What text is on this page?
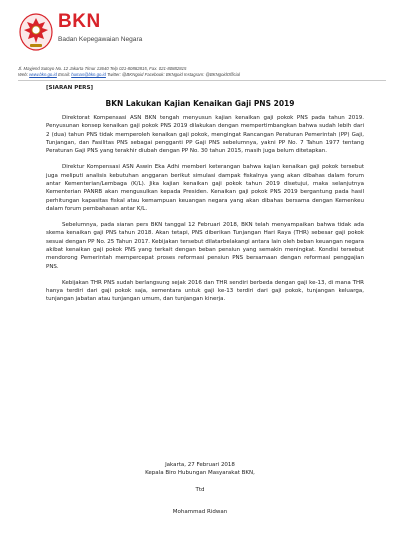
BKN
Badan Kepegawaian Negara
Jl. Mayjend Sutoyo No. 12 Jakarta Timur 13640 Telp 021-80882815, Fax. 021-80882815
Web: www.bkn.go.id Email: humas@bkn.go.id Twitter: @BKNgoid Facebook: BKNgoid Instagram: @BKNgoidOfficial
[SIARAN PERS]
BKN Lakukan Kajian Kenaikan Gaji PNS 2019

Direktorat Kompensasi ASN BKN tengah menyusun kajian kenaikan gaji pokok PNS pada tahun 2019. Penyusunan konsep kenaikan gaji pokok PNS 2019 dilakukan dengan mempertimbangkan bahwa sudah lebih dari 2 (dua) tahun PNS tidak memperoleh kenaikan gaji pokok, mengingat Rancangan Peraturan Pemerintah (PP) Gaji, Tunjangan, dan Fasilitas PNS sebagai pengganti PP Gaji PNS sebelumnya, yakni PP No. 7 Tahun 1977 tentang Peraturan Gaji PNS yang terakhir diubah dengan PP No. 30 tahun 2015, masih juga belum ditetapkan.

Direktur Kompensasi ASN Aswin Eka Adhi memberi keterangan bahwa kajian kenaikan gaji pokok tersebut juga meliputi analisis kebutuhan anggaran berikut simulasi dampak fiskalnya yang akan dibahas dalam forum antar Kementerian/Lembaga (K/L). Jika kajian kenaikan gaji pokok tahun 2019 disetujui, maka selanjutnya Kementerian PANRB akan mengusulkan kepada Presiden. Kenaikan gaji pokok PNS 2019 bergantung pada hasil perhitungan kapasitas fiskal atau kemampuan keuangan negara yang akan dibahas bersama dengan Kemenkeu dalam forum pembahasan antar K/L.

Sebelumnya, pada siaran pers BKN tanggal 12 Februari 2018, BKN telah menyampaikan bahwa tidak ada skema kenaikan gaji PNS tahun 2018. Akan tetapi, PNS diberikan Tunjangan Hari Raya (THR) sebesar gaji pokok sesuai dengan PP No. 25 Tahun 2017. Kebijakan tersebut dilatarbelakangi antara lain oleh beban keuangan negara akibat kenaikan gaji pokok PNS yang terkait dengan beban pensiun yang semakin meningkat. Kondisi tersebut mendorong Pemerintah mempercepat proses reformasi pensiun PNS bersamaan dengan reformasi penggajian PNS.

Kebijakan THR PNS sudah berlangsung sejak 2016 dan THR sendiri berbeda dengan gaji ke-13, di mana THR hanya terdiri dari gaji pokok saja, sementara untuk gaji ke-13 terdiri dari gaji pokok, tunjangan keluarga, tunjangan jabatan atau tunjangan umum, dan tunjangan kinerja.

Jakarta, 27 Februari 2018
Kepala Biro Hubungan Masyarakat BKN,
Ttd
Mohammad Ridwan
